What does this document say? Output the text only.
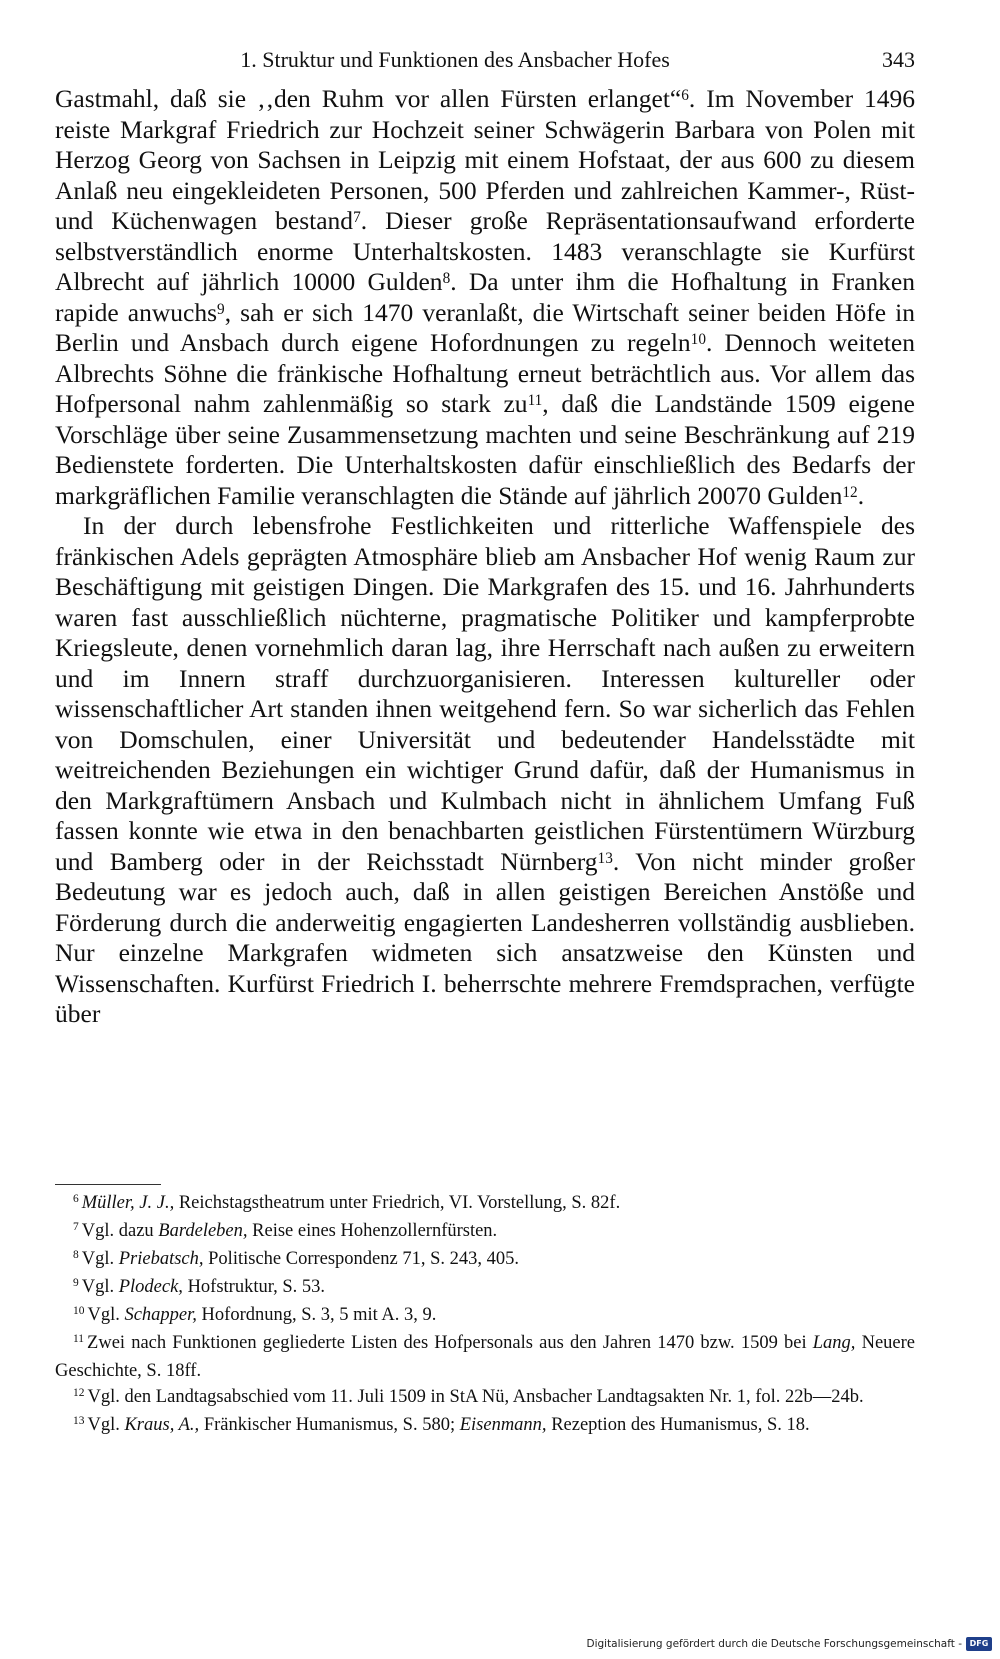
1. Struktur und Funktionen des Ansbacher Hofes	343

Gastmahl, daß sie ‚‚den Ruhm vor allen Fürsten erlanget“$^6$. Im November 1496 reiste Markgraf Friedrich zur Hochzeit seiner Schwägerin Barbara von Polen mit Herzog Georg von Sachsen in Leipzig mit einem Hofstaat, der aus 600 zu diesem Anlaß neu eingekleideten Personen, 500 Pferden und zahlreichen Kammer-, Rüst- und Küchenwagen bestand$^7$. Dieser große Repräsentationsaufwand erforderte selbstverständlich enorme Unterhaltskosten. 1483 veranschlagte sie Kurfürst Albrecht auf jährlich 10000 Gulden$^8$. Da unter ihm die Hofhaltung in Franken rapide anwuchs$^9$, sah er sich 1470 veranlaßt, die Wirtschaft seiner beiden Höfe in Berlin und Ansbach durch eigene Hofordnungen zu regeln$^{10}$. Dennoch weiteten Albrechts Söhne die fränkische Hofhaltung erneut beträchtlich aus. Vor allem das Hofpersonal nahm zahlenmäßig so stark zu$^{11}$, daß die Landstände 1509 eigene Vorschläge über seine Zusammensetzung machten und seine Beschränkung auf 219 Bedienstete forderten. Die Unterhaltskosten dafür einschließlich des Bedarfs der markgräflichen Familie veranschlagten die Stände auf jährlich 20070 Gulden$^{12}$.

In der durch lebensfrohe Festlichkeiten und ritterliche Waffenspiele des fränkischen Adels geprägten Atmosphäre blieb am Ansbacher Hof wenig Raum zur Beschäftigung mit geistigen Dingen. Die Markgrafen des 15. und 16. Jahrhunderts waren fast ausschließlich nüchterne, pragmatische Politiker und kampferprobte Kriegsleute, denen vornehmlich daran lag, ihre Herrschaft nach außen zu erweitern und im Innern straff durchzuorganisieren. Interessen kultureller oder wissenschaftlicher Art standen ihnen weitgehend fern. So war sicherlich das Fehlen von Domschulen, einer Universität und bedeutender Handelsstädte mit weitreichenden Beziehungen ein wichtiger Grund dafür, daß der Humanismus in den Markgraftümern Ansbach und Kulmbach nicht in ähnlichem Umfang Fuß fassen konnte wie etwa in den benachbarten geistlichen Fürstentümern Würzburg und Bamberg oder in der Reichsstadt Nürnberg$^{13}$. Von nicht minder großer Bedeutung war es jedoch auch, daß in allen geistigen Bereichen Anstöße und Förderung durch die anderweitig engagierten Landesherren vollständig ausblieben. Nur einzelne Markgrafen widmeten sich ansatzweise den Künsten und Wissenschaften. Kurfürst Friedrich I. beherrschte mehrere Fremdsprachen, verfügte über

$^6$ Müller, J. J., Reichstagstheatrum unter Friedrich, VI. Vorstellung, S. 82f.

$^7$ Vgl. dazu Bardeleben, Reise eines Hohenzollernfürsten.

$^8$ Vgl. Priebatsch, Politische Correspondenz 71, S. 243, 405.

$^9$ Vgl. Plodeck, Hofstruktur, S. 53.

$^{10}$ Vgl. Schapper, Hofordnung, S. 3, 5 mit A. 3, 9.

$^{11}$ Zwei nach Funktionen gegliederte Listen des Hofpersonals aus den Jahren 1470 bzw. 1509 bei Lang, Neuere Geschichte, S. 18ff.

$^{12}$ Vgl. den Landtagsabschied vom 11. Juli 1509 in StA Nü, Ansbacher Landtagsakten Nr. 1, fol. 22b—24b.

$^{13}$ Vgl. Kraus, A., Fränkischer Humanismus, S. 580; Eisenmann, Rezeption des Humanismus, S. 18.

Digitalisierung gefördert durch die Deutsche Forschungsgemeinschaft - DFG
